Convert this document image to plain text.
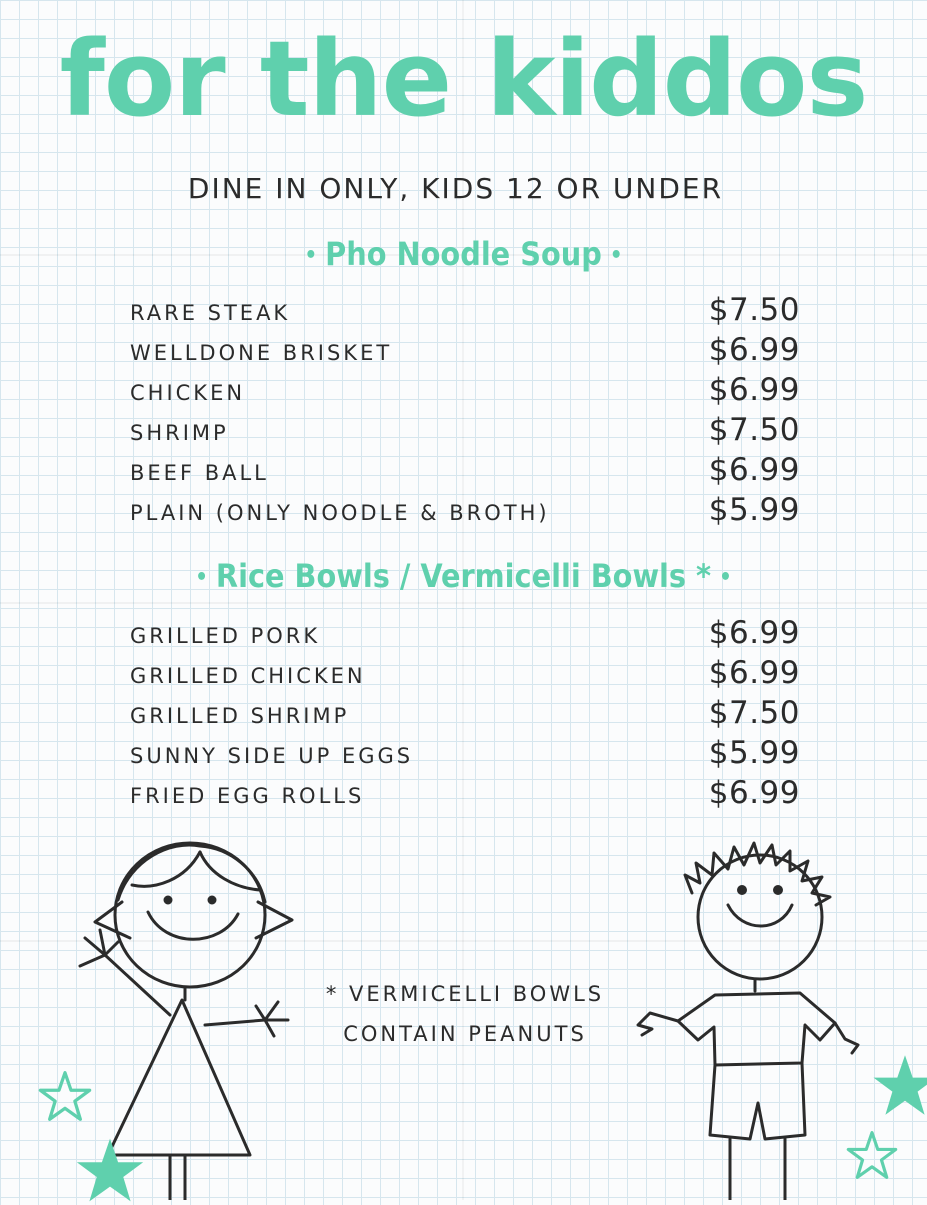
for the kiddos
DINE IN ONLY, KIDS 12 OR UNDER
• Pho Noodle Soup •
RARE STEAK	$7.50
WELLDONE BRISKET	$6.99
CHICKEN	$6.99
SHRIMP	$7.50
BEEF BALL	$6.99
PLAIN (ONLY NOODLE & BROTH)	$5.99
• Rice Bowls / Vermicelli Bowls * •
GRILLED PORK	$6.99
GRILLED CHICKEN	$6.99
GRILLED SHRIMP	$7.50
SUNNY SIDE UP EGGS	$5.99
FRIED EGG ROLLS	$6.99
* VERMICELLI BOWLS
CONTAIN PEANUTS
